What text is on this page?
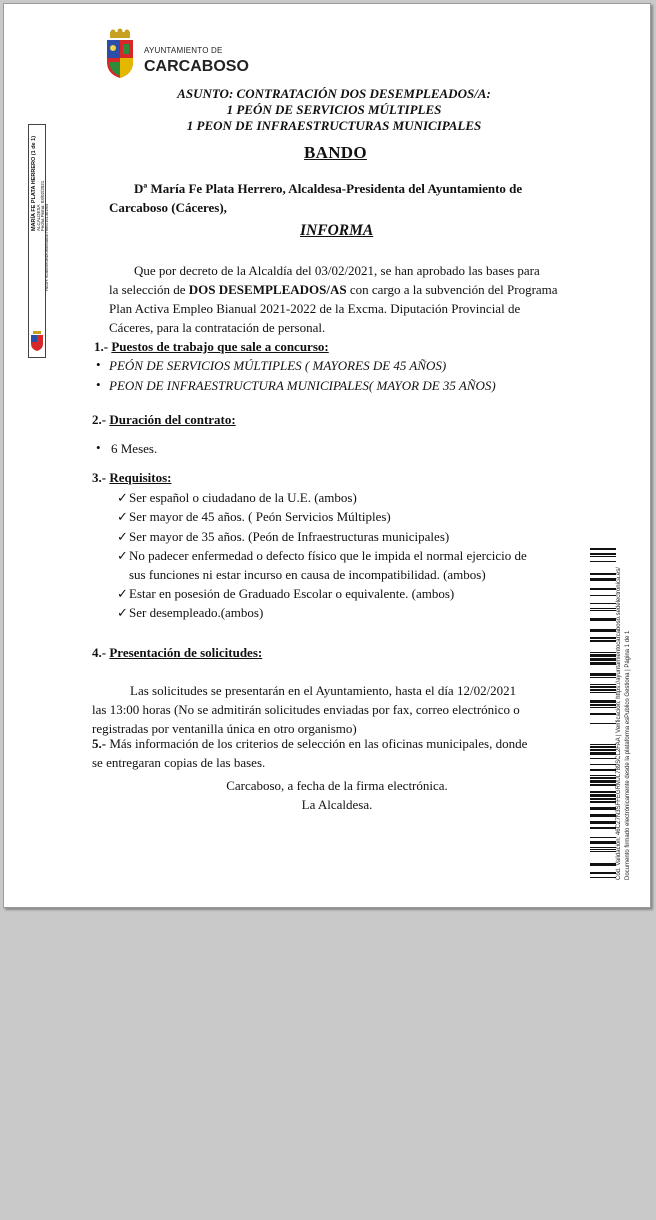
AYUNTAMIENTO DE
CARCABOSO
ASUNTO: CONTRATACIÓN DOS DESEMPLEADOS/A:
1 PEÓN DE SERVICIOS MÚLTIPLES
1 PEON DE INFRAESTRUCTURAS MUNICIPALES
BANDO
Dª María Fe Plata Herrero, Alcaldesa-Presidenta del Ayuntamiento de
Carcaboso (Cáceres),
INFORMA
Que por decreto de la Alcaldía del 03/02/2021, se han aprobado las bases para
la selección de DOS DESEMPLEADOS/AS con cargo a la subvención del Programa
Plan Activa Empleo Bianual 2021-2022 de la Excma. Diputación Provincial de
Cáceres, para la contratación de personal.
1.- Puestos de trabajo que sale a concurso:
• PEÓN DE SERVICIOS MÚLTIPLES ( MAYORES DE 45 AÑOS)
• PEON DE INFRAESTRUCTURA MUNICIPALES( MAYOR DE 35 AÑOS)
2.- Duración del contrato:
• 6 Meses.
3.- Requisitos:
✓Ser español o ciudadano de la U.E. (ambos)
✓Ser mayor de 45 años. ( Peón Servicios Múltiples)
✓Ser mayor de 35 años. (Peón de Infraestructuras municipales)
✓No padecer enfermedad o defecto físico que le impida el normal ejercicio de
sus funciones ni estar incurso en causa de incompatibilidad. (ambos)
✓Estar en posesión de Graduado Escolar o equivalente. (ambos)
✓Ser desempleado.(ambos)
4.- Presentación de solicitudes:
Las solicitudes se presentarán en el Ayuntamiento, hasta el día 12/02/2021
las 13:00 horas (No se admitirán solicitudes enviadas por fax, correo electrónico o
registradas por ventanilla única en otro organismo)
5.- Más información de los criterios de selección en las oficinas municipales, donde
se entregaran copias de las bases.
Carcaboso, a fecha de la firma electrónica.
La Alcaldesa.
MARÍA FE PLATA HERRERO (1 de 1) ALCALDESA Fecha Firma: 03/02/2021 HASH: ff2d5c9e0e4e0f5b6a8f2b7f6fcc1613b1f64
Cód. Validación: 46CZ7N3SFFEGRMJL789SCL2FAA | Verificación: https://ayuntamientocarcaboso.sedelectronica.es/ Documento firmado electrónicamente desde la plataforma esPublico Gestiona | Página 1 de 1
